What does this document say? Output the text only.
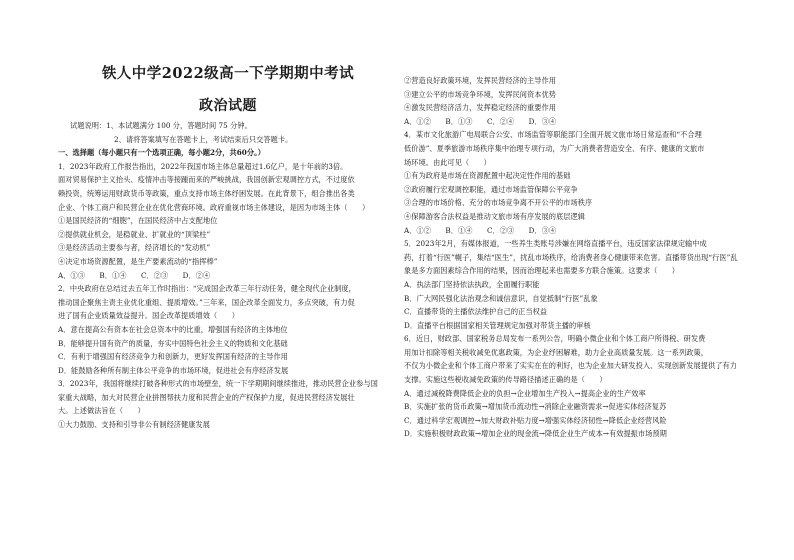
铁人中学2022级高一下学期期中考试
政治试题
试题说明：1、本试题满分 100 分，答题时间 75 分钟。
2、请将答案填写在答题卡上，考试结束后只交答题卡。
一、选择题（每小题只有一个选项正确，每小题2分，共60分。）
1．2023年政府工作报告指出，2022年我国市场主体总量超过1.6亿户，是十年前的3倍。
面对贸易保护主义抬头、疫情冲击等接踵而来的严峻挑战，我国创新宏观调控方式，不过度依
赖投资，统筹运用财政货币等政策，重点支持市场主体纾困发展。在此背景下，组合推出各类
企业、个体工商户和民营企业在优化营商环境。政府重视市场主体建设，是因为市场主体（　　）
①是国民经济的“细胞”，在国民经济中占支配地位
②提供就业机会，是稳就业、扩就业的“顶梁柱”
③是经济活动主要参与者，经济增长的“发动机”
④决定市场资源配置，是生产要素流动的“指挥棒”
A．①③　　B．①④　　C．②③　　D．②④
2．中央政府在总结过去五年工作时指出：“完成国企改革三年行动任务，健全现代企业制度，
推动国企聚焦主责主业优化重组、提质增效。”三年来，国企改革全面发力，多点突破，有力促
进了国有企业质量效益提升。国企改革提质增效（　　）
A．意在提高公有资本在社会总资本中的比重，增强国有经济的主体地位
B．能够提升国有资产的质量，夯实中国特色社会主义的物质和文化基础
C．有利于增强国有经济竞争力和创新力，更好发挥国有经济的主导作用
D．能鼓励各种所有制主体公平竞争的市场环境，促进社会有序经济发展
3．2023年，我国将继续打破各种形式的市场壁垒，统一下学期期间继续推进，推动民营企业参与国
家重大战略，加大对民营企业拼图帮扶力度和民营企业的产权保护力度，促进民营经济发展壮
大。上述做法旨在（　　）
①大力鼓励、支持和引导非公有制经济健康发展
②营造良好政策环境，发挥民营经济的主导作用
③建立公平的市场竞争环境，发挥民间资本优势
④激发民营经济活力，发挥稳定经济的重要作用
A．①②　　B．①③　　C．②④　　D．③④
4．某市文化旅游广电局联合公安、市场监管等职能部门全面开展文旅市场日常巡查和“不合理
低价游”、夏季旅游市场秩序集中治理专项行动，为广大消费者营造安全、有序、健康的文旅市
场环境。由此可见（　　）
①有为政府是市场在资源配置中起决定性作用的基础
②政府履行宏观调控职能，通过市场监管保障公平竞争
③合理的市场价格、充分的市场竞争离不开公平的市场秩序
④保障游客合法权益是推动文旅市场有序发展的底层逻辑
A．①②　　B．①④　　C．②③　　D．③④
5．2023年2月，有媒体报道，一些养生类账号涉嫌在网络直播平台，违反国家法律规定输中成
药，打着“行医”幌子，集结“医生”，扰乱市场秩序，给消费者身心健康带来危害。直播带货出现“行医”乱
象是多方面因素综合作用的结果，因而治理起来也需要多方联合施策。这要求（　　）
A．执法部门坚持依法执政，全面履行职能
B．广大网民强化法治观念和诚信意识，自觉抵制“行医”乱象
C．直播带货的主播依法维护自己的正当权益
D．直播平台根据国家相关管理规定加强对带货主播的审核
6．近日，财政部、国家税务总局发布一系列公告，明确小微企业和个体工商户所得税、研发费
用加计扣除等相关税收减免优惠政策，为企业纾困解难，助力企业高质量发展。这一系列政策，
不仅为小微企业和个体工商户带来了实实在在的利好，也为企业加大研发投入、实现创新发展提供了有力
支撑。实施这些税收减免政策的传导路径描述正确的是（　　）
A．通过减税降费降低企业的负担→企业增加生产投入→提高企业的生产效率
B．实施扩张的货币政策→增加货币流动性→消除企业融资需求→促进实体经济复苏
C．通过科学宏观调控→加大财政补贴力度→增强实体经济韧性→降低企业经营风险
D．实施积极财政政策→增加企业的现金流→降低企业生产成本→有效提振市场预期
